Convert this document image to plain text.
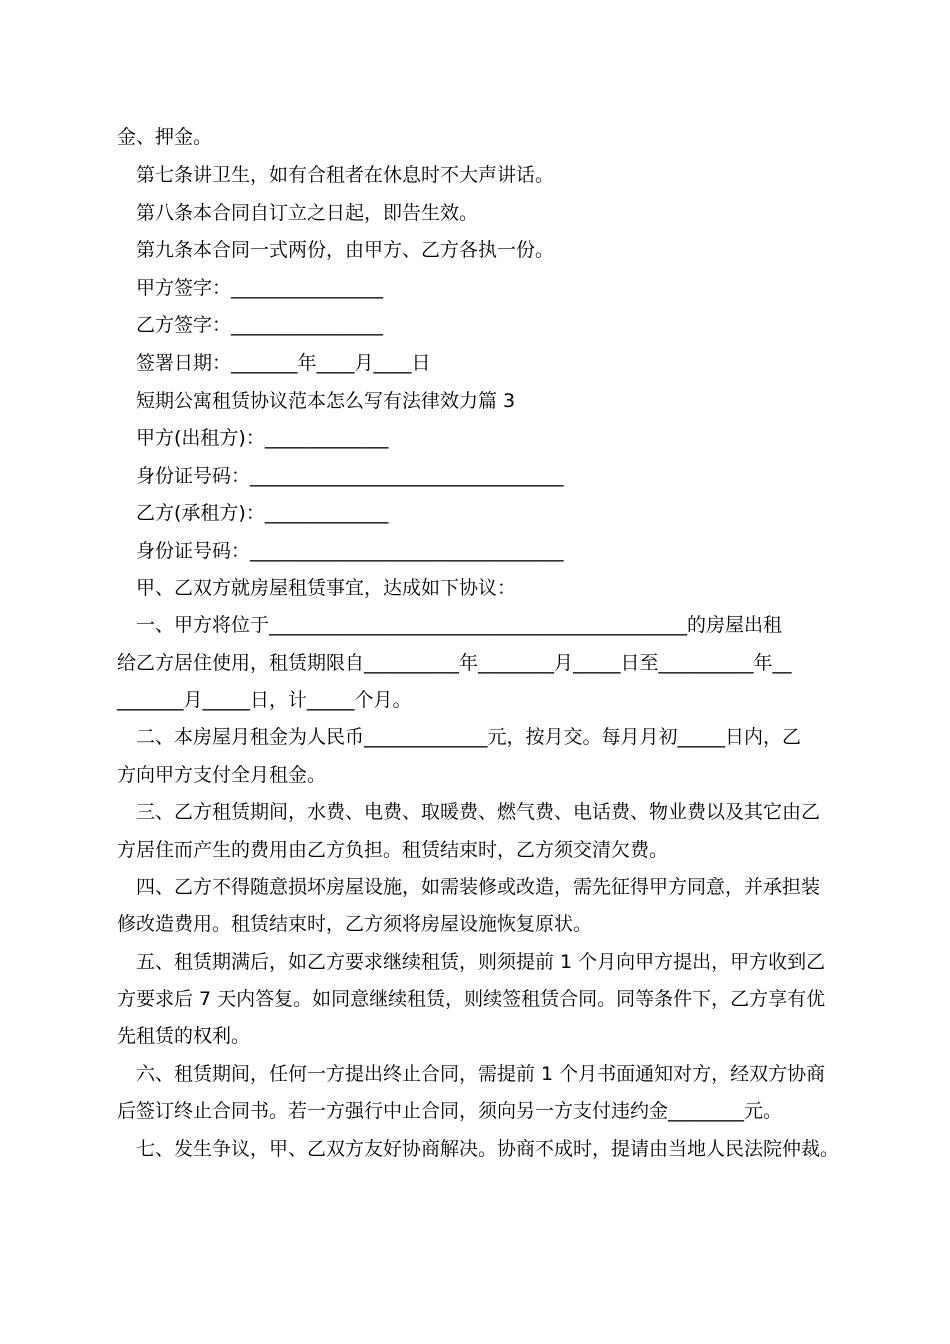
金、押金。
第七条讲卫生，如有合租者在休息时不大声讲话。
第八条本合同自订立之日起，即告生效。
第九条本合同一式两份，由甲方、乙方各执一份。
甲方签字：________________
乙方签字：________________
签署日期：_______年____月____日
短期公寓租赁协议范本怎么写有法律效力篇 3
甲方(出租方)：_____________
身份证号码：_________________________________
乙方(承租方)：_____________
身份证号码：_________________________________
甲、乙双方就房屋租赁事宜，达成如下协议：
一、甲方将位于____________________________________________的房屋出租
给乙方居住使用，租赁期限自__________年________月_____日至__________年__
_______月_____日，计_____个月。
二、本房屋月租金为人民币_____________元，按月交。每月月初_____日内，乙
方向甲方支付全月租金。
三、乙方租赁期间，水费、电费、取暖费、燃气费、电话费、物业费以及其它由乙
方居住而产生的费用由乙方负担。租赁结束时，乙方须交清欠费。
四、乙方不得随意损坏房屋设施，如需装修或改造，需先征得甲方同意，并承担装
修改造费用。租赁结束时，乙方须将房屋设施恢复原状。
五、租赁期满后，如乙方要求继续租赁，则须提前 1 个月向甲方提出，甲方收到乙
方要求后 7 天内答复。如同意继续租赁，则续签租赁合同。同等条件下，乙方享有优
先租赁的权利。
六、租赁期间，任何一方提出终止合同，需提前 1 个月书面通知对方，经双方协商
后签订终止合同书。若一方强行中止合同，须向另一方支付违约金________元。
七、发生争议，甲、乙双方友好协商解决。协商不成时，提请由当地人民法院仲裁。
